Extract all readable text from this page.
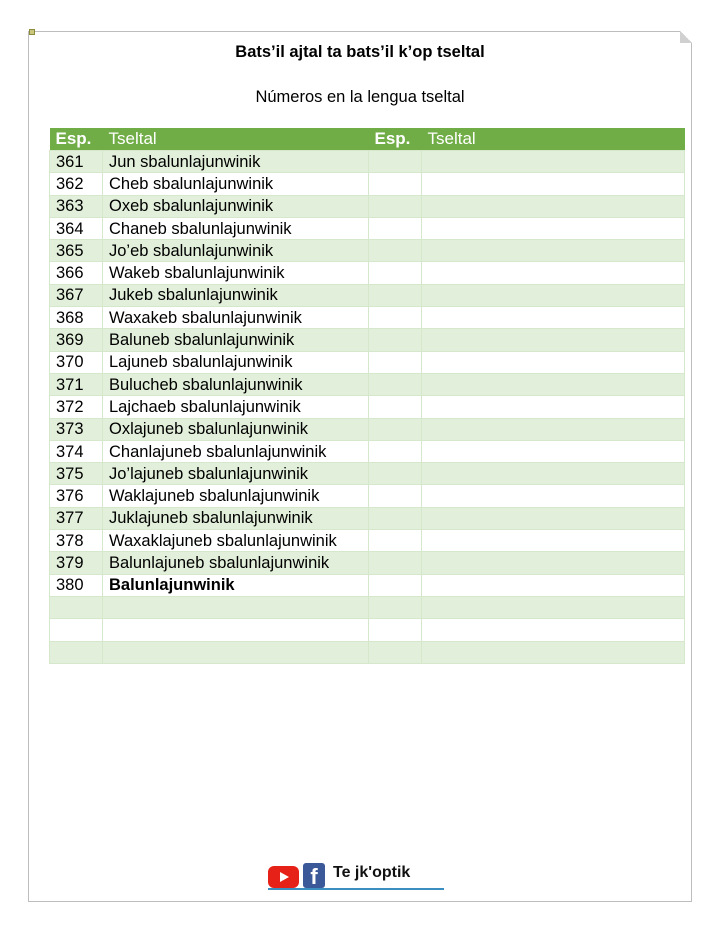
Bats’il ajtal ta bats’il k’op tseltal
Números en la lengua tseltal
Esp.	Tseltal	Esp.	Tseltal
361	Jun sbalunlajunwinik		
362	Cheb sbalunlajunwinik		
363	Oxeb sbalunlajunwinik		
364	Chaneb sbalunlajunwinik		
365	Jo’eb sbalunlajunwinik		
366	Wakeb sbalunlajunwinik		
367	Jukeb sbalunlajunwinik		
368	Waxakeb sbalunlajunwinik		
369	Baluneb sbalunlajunwinik		
370	Lajuneb sbalunlajunwinik		
371	Bulucheb sbalunlajunwinik		
372	Lajchaeb sbalunlajunwinik		
373	Oxlajuneb sbalunlajunwinik		
374	Chanlajuneb sbalunlajunwinik		
375	Jo’lajuneb sbalunlajunwinik		
376	Waklajuneb sbalunlajunwinik		
377	Juklajuneb sbalunlajunwinik		
378	Waxaklajuneb sbalunlajunwinik		
379	Balunlajuneb sbalunlajunwinik		
380	Balunlajunwinik		

f Te jk'optik
